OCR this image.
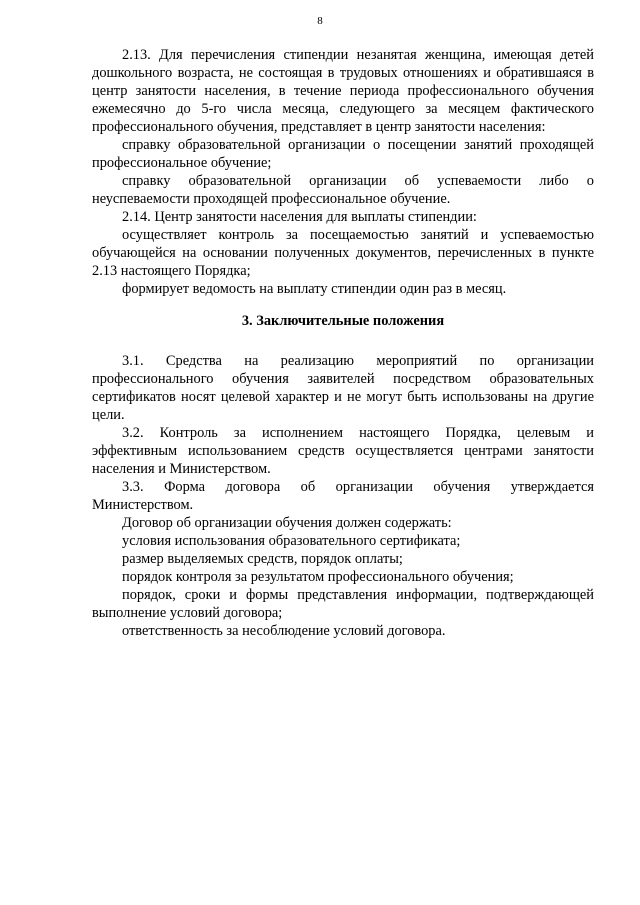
8

2.13. Для перечисления стипендии незанятая женщина, имеющая детей дошкольного возраста, не состоящая в трудовых отношениях и обратившаяся в центр занятости населения, в течение периода профессионального обучения ежемесячно до 5-го числа месяца, следующего за месяцем фактического профессионального обучения, представляет в центр занятости населения:

справку образовательной организации о посещении занятий проходящей профессиональное обучение;

справку образовательной организации об успеваемости либо о неуспеваемости проходящей профессиональное обучение.

2.14. Центр занятости населения для выплаты стипендии:

осуществляет контроль за посещаемостью занятий и успеваемостью обучающейся на основании полученных документов, перечисленных в пункте 2.13 настоящего Порядка;

формирует ведомость на выплату стипендии один раз в месяц.

3. Заключительные положения

3.1. Средства на реализацию мероприятий по организации профессионального обучения заявителей посредством образовательных сертификатов носят целевой характер и не могут быть использованы на другие цели.

3.2. Контроль за исполнением настоящего Порядка, целевым и эффективным использованием средств осуществляется центрами занятости населения и Министерством.

3.3. Форма договора об организации обучения утверждается Министерством.

Договор об организации обучения должен содержать:

условия использования образовательного сертификата;

размер выделяемых средств, порядок оплаты;

порядок контроля за результатом профессионального обучения;

порядок, сроки и формы представления информации, подтверждающей выполнение условий договора;

ответственность за несоблюдение условий договора.
